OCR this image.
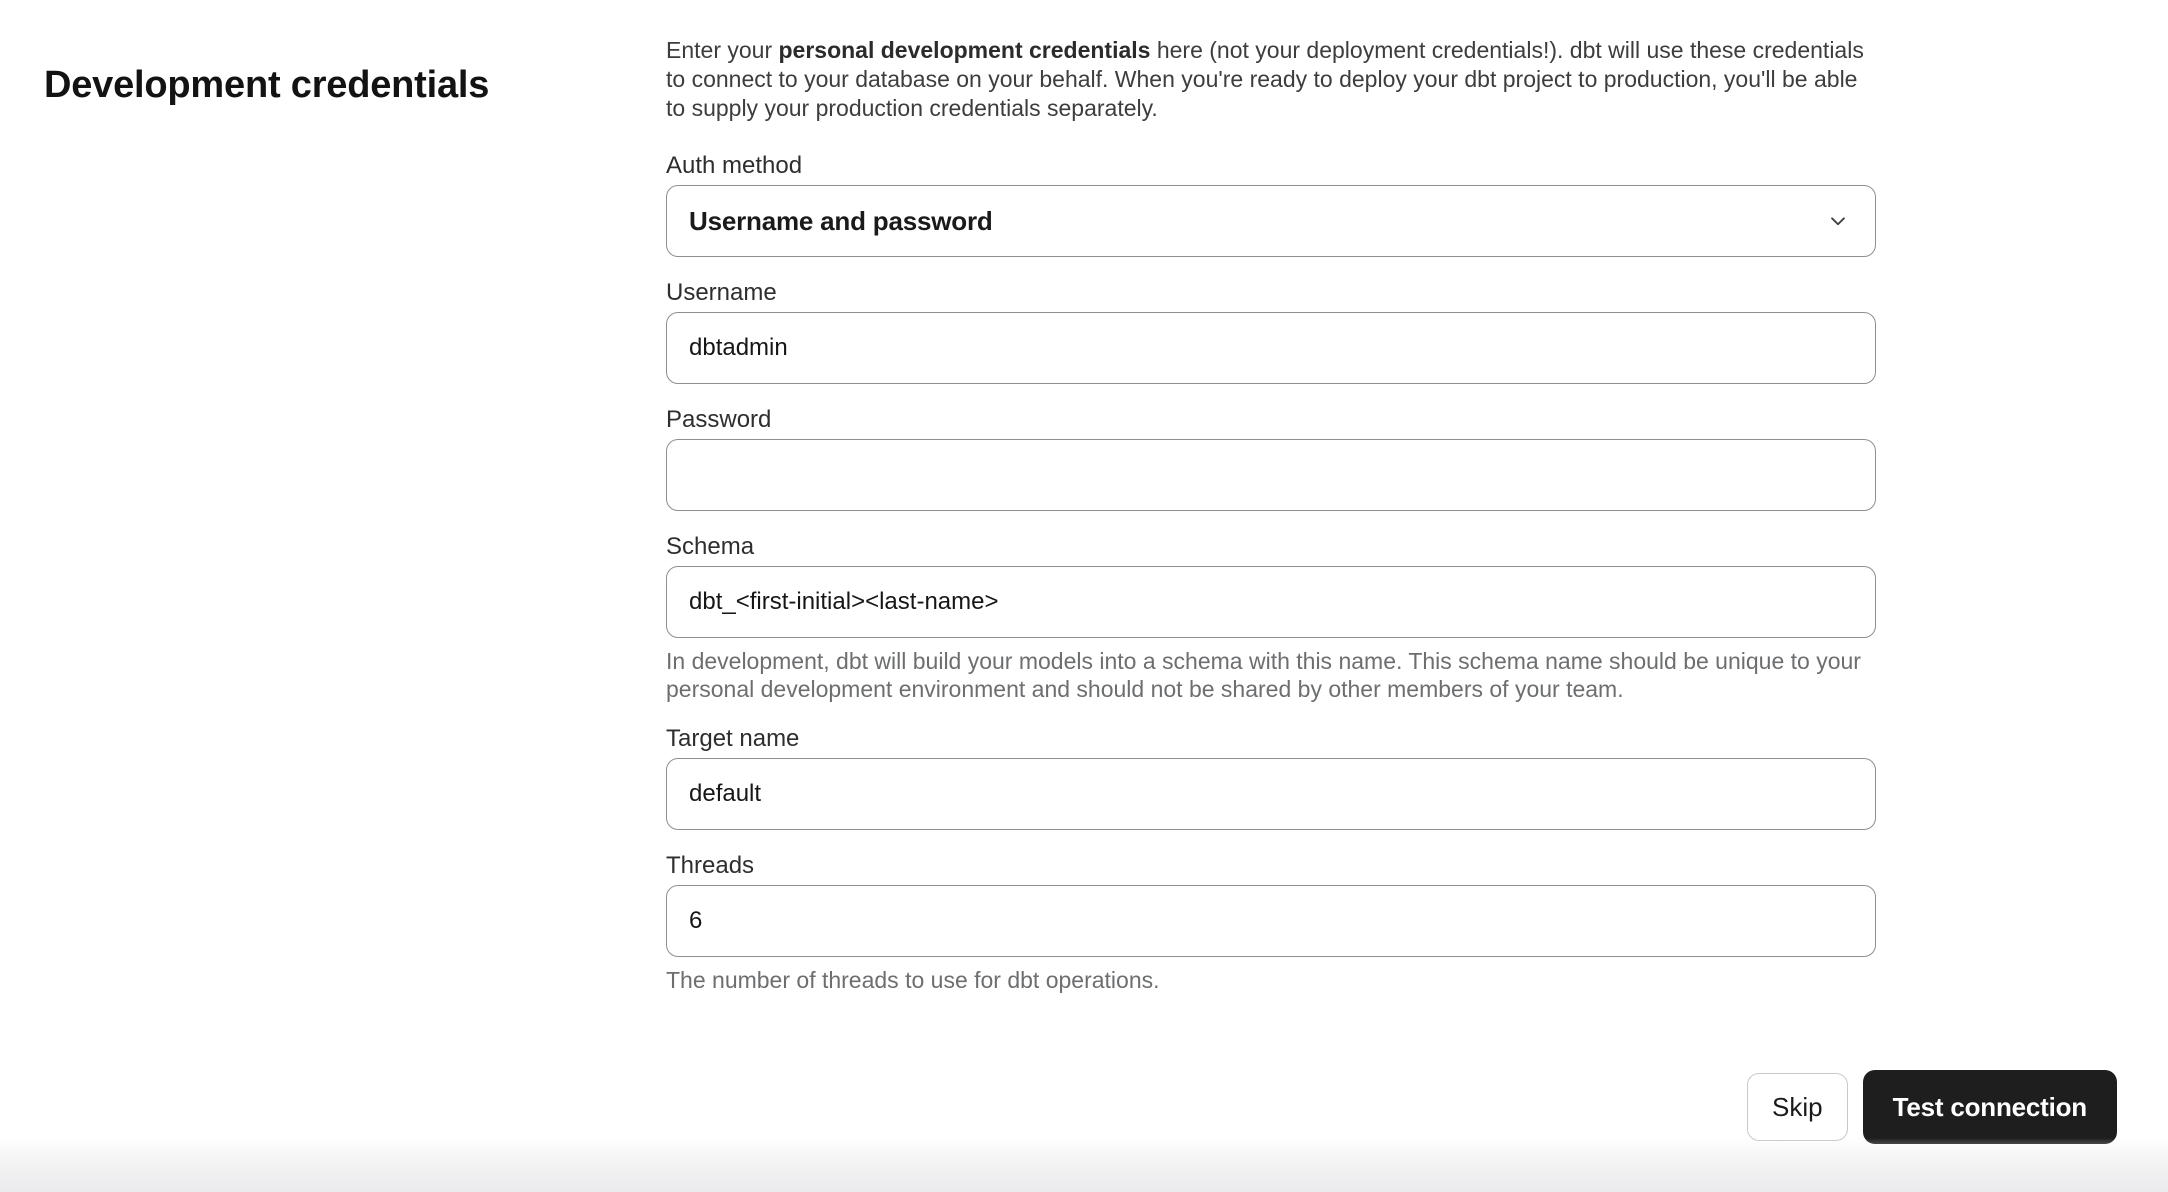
Development credentials

Enter your personal development credentials here (not your deployment credentials!). dbt will use these credentials to connect to your database on your behalf. When you're ready to deploy your dbt project to production, you'll be able to supply your production credentials separately.

Auth method
Username and password
Username
dbtadmin
Password
Schema
dbt_<first-initial><last-name>

In development, dbt will build your models into a schema with this name. This schema name should be unique to your personal development environment and should not be shared by other members of your team.

Target name
default
Threads
6

The number of threads to use for dbt operations.

Skip	Test connection
